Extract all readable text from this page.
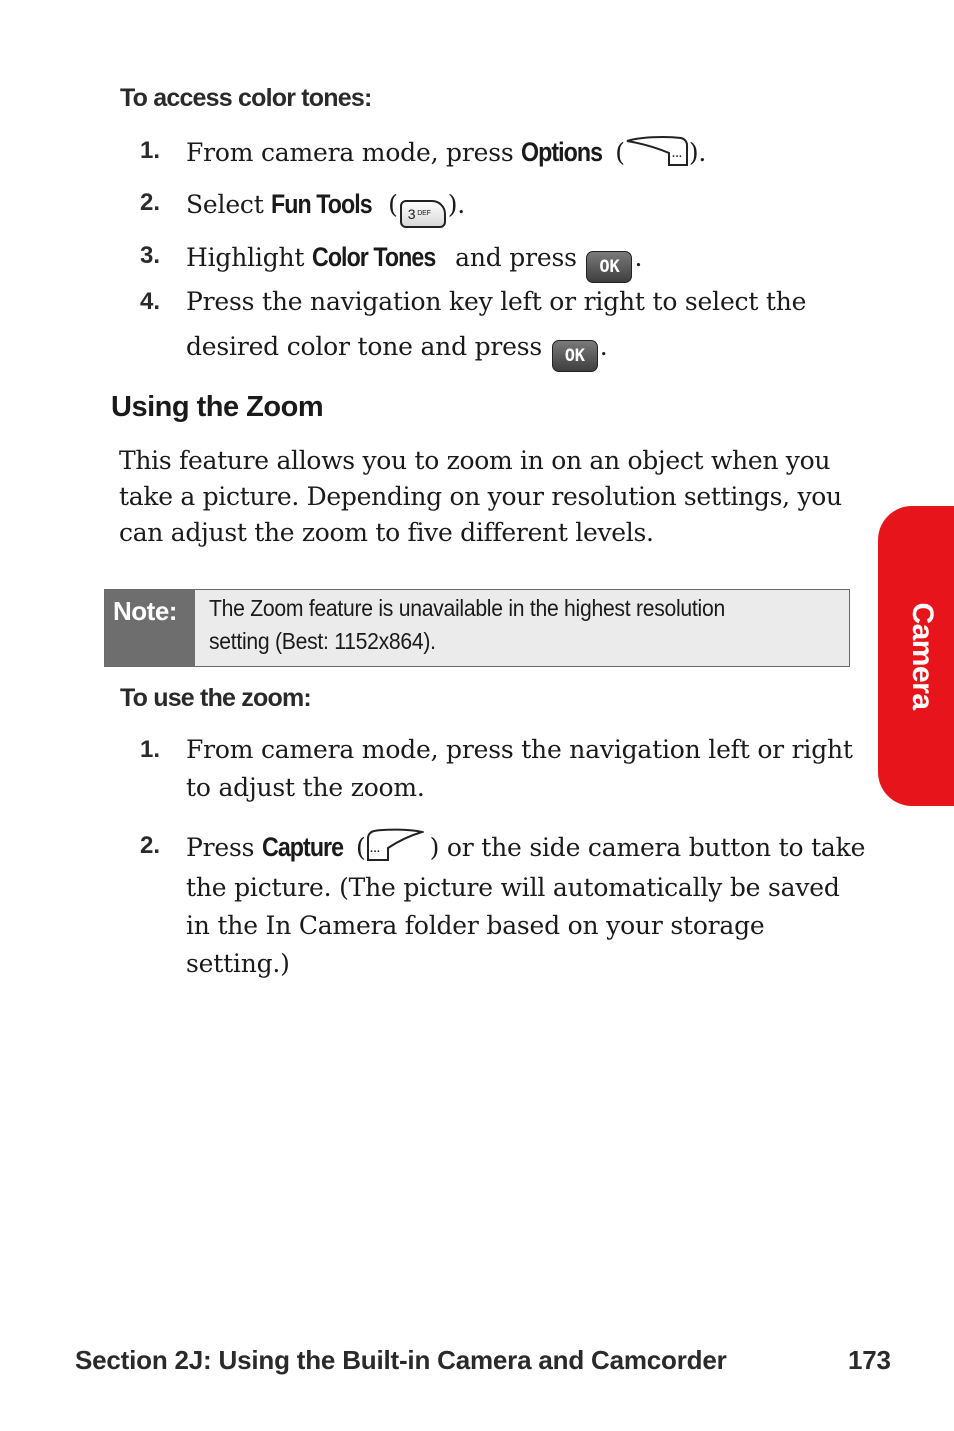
To access color tones:
1. From camera mode, press Options (	··· ).
2. Select Fun Tools ( 3 $^{DEF}$ ).
3. Highlight Color Tones and press OK .
4. Press the navigation key left or right to select the
desired color tone and press OK .
Using the Zoom
This feature allows you to zoom in on an object when you
take a picture. Depending on your resolution settings, you
can adjust the zoom to five different levels.
Note:	The Zoom feature is unavailable in the highest resolution
setting (Best: 1152x864).
To use the zoom:
1. From camera mode, press the navigation left or right
to adjust the zoom.
2. Press Capture ( ··· ) or the side camera button to take
the picture. (The picture will automatically be saved
in the In Camera folder based on your storage
setting.)
Camera
Section 2J: Using the Built-in Camera and Camcorder	173
